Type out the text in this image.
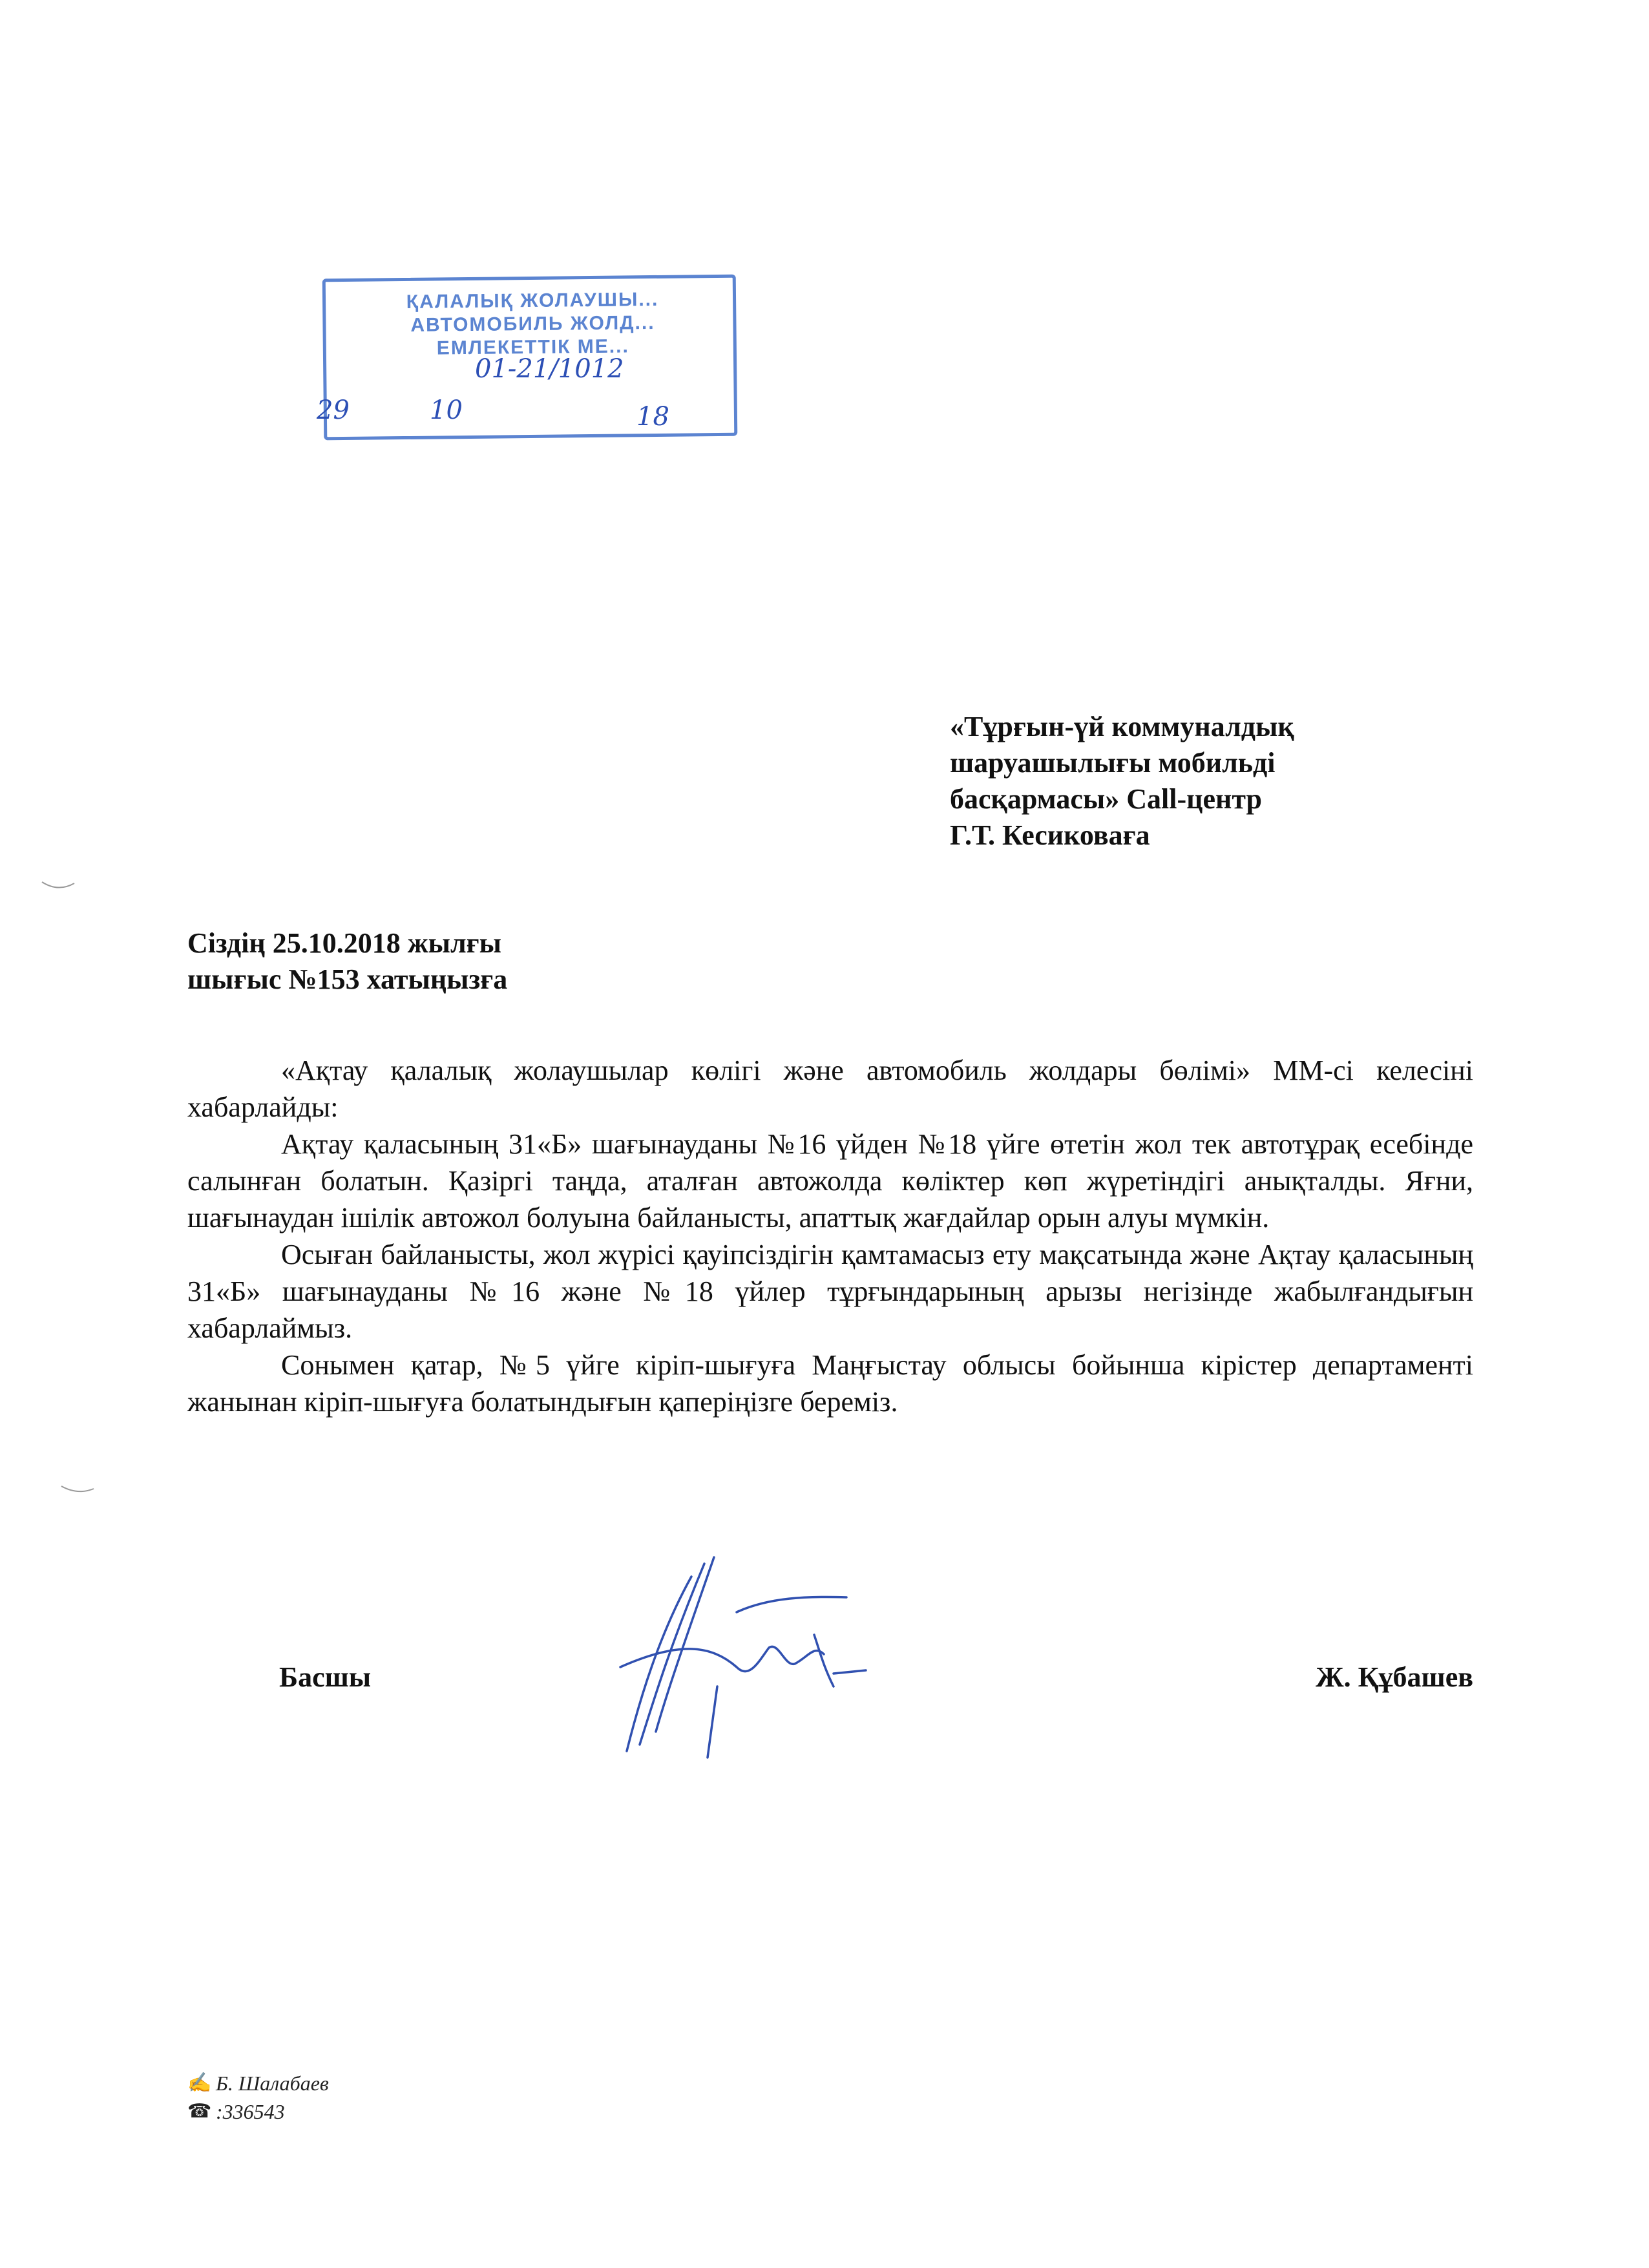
ҚАЛАЛЫҚ ЖОЛАУШЫ...
АВТОМОБИЛЬ ЖОЛД...
ЕМЛЕКЕТТІК МЕ...
01-21/1012
29	10	18
«Тұрғын-үй коммуналдық
шаруашылығы мобильді
басқармасы» Call-центр
Г.Т. Кесиковаға
Сіздің 25.10.2018 жылғы
шығыс №153 хатыңызға

«Ақтау қалалық жолаушылар көлігі және автомобиль жолдары бөлімі» ММ-сі келесіні хабарлайды:

Ақтау қаласының 31«Б» шағынауданы №16 үйден №18 үйге өтетін жол тек автотұрақ есебінде салынған болатын. Қазіргі таңда, аталған автожолда көліктер көп жүретіндігі анықталды. Яғни, шағынаудан ішілік автожол болуына байланысты, апаттық жағдайлар орын алуы мүмкін.

Осыған байланысты, жол жүрісі қауіпсіздігін қамтамасыз ету мақсатында және Ақтау қаласының 31«Б» шағынауданы №16 және №18 үйлер тұрғындарының арызы негізінде жабылғандығын хабарлаймыз.

Сонымен қатар, №5 үйге кіріп-шығуға Маңғыстау облысы бойынша кірістер департаменті жанынан кіріп-шығуға болатындығын қаперіңізге береміз.

Басшы	Ж. Құбашев
✍ Б. Шалабаев
☎ :336543
